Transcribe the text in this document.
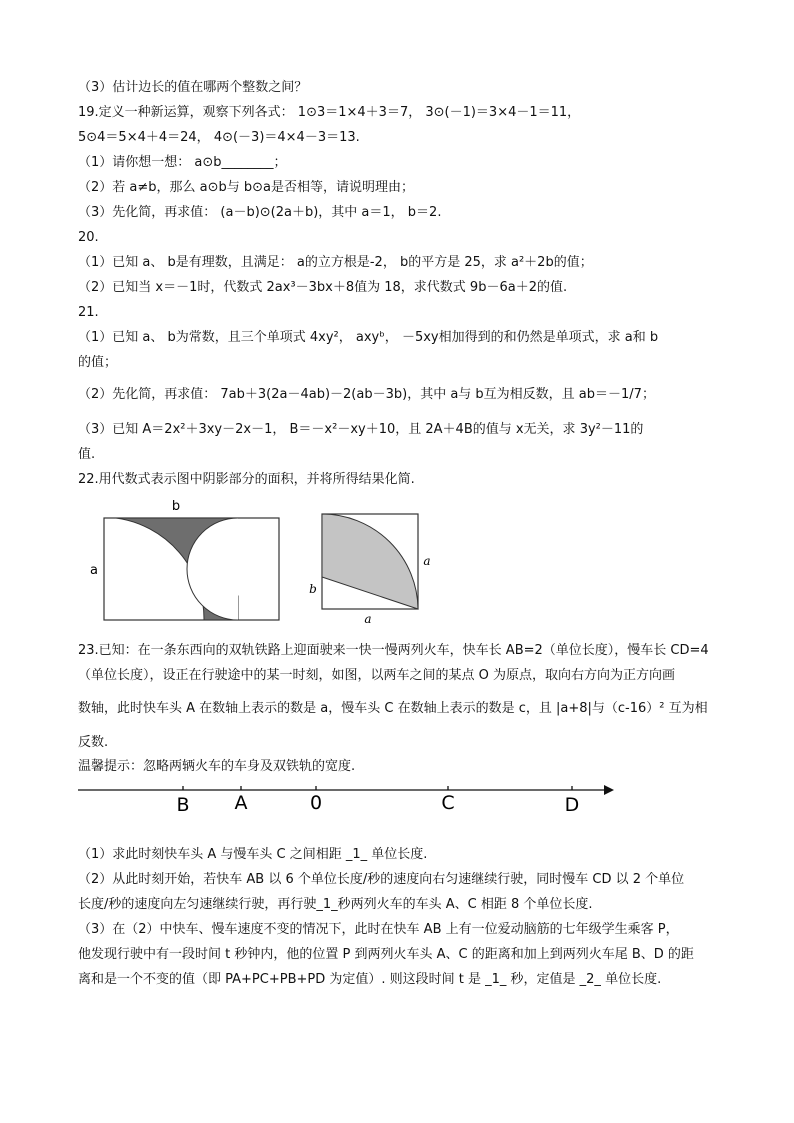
（3）估计边长的值在哪两个整数之间？
19.定义一种新运算，观察下列各式： 1⊙3＝1×4＋3＝7， 3⊙(－1)＝3×4－1＝11，
5⊙4＝5×4＋4＝24， 4⊙(－3)＝4×4－3＝13.
（1）请你想一想： a⊙b________；
（2）若 a≠b，那么 a⊙b与 b⊙a是否相等，请说明理由；
（3）先化简，再求值： (a－b)⊙(2a＋b)，其中 a＝1， b＝2.
20.
（1）已知 a、 b是有理数，且满足： a的立方根是-2， b的平方是 25，求 a²＋2b的值；
（2）已知当 x＝－1时，代数式 2ax³－3bx＋8值为 18，求代数式 9b－6a＋2的值.
21.
（1）已知 a、 b为常数，且三个单项式 4xy²， axyᵇ， －5xy相加得到的和仍然是单项式，求 a和 b
的值；
（2）先化简，再求值： 7ab＋3(2a－4ab)－2(ab－3b)，其中 a与 b互为相反数，且 ab＝－1/7；
（3）已知 A＝2x²＋3xy－2x－1， B＝－x²－xy＋10，且 2A＋4B的值与 x无关，求 3y²－11的
值.
22.用代数式表示图中阴影部分的面积，并将所得结果化简.
b
a
a
b
a
23.已知：在一条东西向的双轨铁路上迎面驶来一快一慢两列火车，快车长 AB=2（单位长度），慢车长 CD=4
（单位长度），设正在行驶途中的某一时刻，如图，以两车之间的某点 O 为原点，取向右方向为正方向画
数轴，此时快车头 A 在数轴上表示的数是 a，慢车头 C 在数轴上表示的数是 c，且 |a+8|与（c-16）² 互为相
反数.
温馨提示：忽略两辆火车的车身及双铁轨的宽度.
B A	0	C	D
（1）求此时刻快车头 A 与慢车头 C 之间相距 _1_ 单位长度.
（2）从此时刻开始，若快车 AB 以 6 个单位长度/秒的速度向右匀速继续行驶，同时慢车 CD 以 2 个单位
长度/秒的速度向左匀速继续行驶，再行驶_1_秒两列火车的车头 A、C 相距 8 个单位长度.
（3）在（2）中快车、慢车速度不变的情况下，此时在快车 AB 上有一位爱动脑筋的七年级学生乘客 P，
他发现行驶中有一段时间 t 秒钟内，他的位置 P 到两列火车头 A、C 的距离和加上到两列火车尾 B、D 的距
离和是一个不变的值（即 PA+PC+PB+PD 为定值）. 则这段时间 t 是 _1_ 秒，定值是 _2_ 单位长度.
